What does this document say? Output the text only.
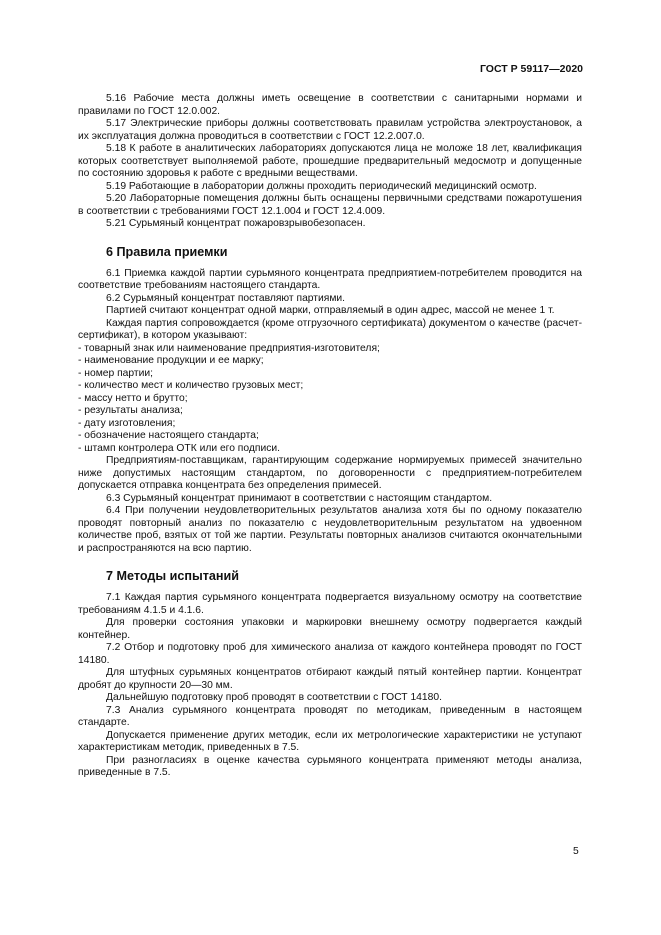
ГОСТ Р 59117—2020

5.16 Рабочие места должны иметь освещение в соответствии с санитарными нормами и правилами по ГОСТ 12.0.002.

5.17 Электрические приборы должны соответствовать правилам устройства электроустановок, а их эксплуатация должна проводиться в соответствии с ГОСТ 12.2.007.0.

5.18 К работе в аналитических лабораториях допускаются лица не моложе 18 лет, квалификация которых соответствует выполняемой работе, прошедшие предварительный медосмотр и допущенные по состоянию здоровья к работе с вредными веществами.

5.19 Работающие в лаборатории должны проходить периодический медицинский осмотр.

5.20 Лабораторные помещения должны быть оснащены первичными средствами пожаротушения в соответствии с требованиями ГОСТ 12.1.004 и ГОСТ 12.4.009.

5.21 Сурьмяный концентрат пожаровзрывобезопасен.

6 Правила приемки

6.1 Приемка каждой партии сурьмяного концентрата предприятием-потребителем проводится на соответствие требованиям настоящего стандарта.

6.2 Сурьмяный концентрат поставляют партиями.

Партией считают концентрат одной марки, отправляемый в один адрес, массой не менее 1 т.

Каждая партия сопровождается (кроме отгрузочного сертификата) документом о качестве (расчет-сертификат), в котором указывают:

- товарный знак или наименование предприятия-изготовителя;

- наименование продукции и ее марку;

- номер партии;

- количество мест и количество грузовых мест;

- массу нетто и брутто;

- результаты анализа;

- дату изготовления;

- обозначение настоящего стандарта;

- штамп контролера ОТК или его подписи.

Предприятиям-поставщикам, гарантирующим содержание нормируемых примесей значительно ниже допустимых настоящим стандартом, по договоренности с предприятием-потребителем допускается отправка концентрата без определения примесей.

6.3 Сурьмяный концентрат принимают в соответствии с настоящим стандартом.

6.4 При получении неудовлетворительных результатов анализа хотя бы по одному показателю проводят повторный анализ по показателю с неудовлетворительным результатом на удвоенном количестве проб, взятых от той же партии. Результаты повторных анализов считаются окончательными и распространяются на всю партию.

7 Методы испытаний

7.1 Каждая партия сурьмяного концентрата подвергается визуальному осмотру на соответствие требованиям 4.1.5 и 4.1.6.

Для проверки состояния упаковки и маркировки внешнему осмотру подвергается каждый контейнер.

7.2 Отбор и подготовку проб для химического анализа от каждого контейнера проводят по ГОСТ 14180.

Для штуфных сурьмяных концентратов отбирают каждый пятый контейнер партии. Концентрат дробят до крупности 20—30 мм.

Дальнейшую подготовку проб проводят в соответствии с ГОСТ 14180.

7.3 Анализ сурьмяного концентрата проводят по методикам, приведенным в настоящем стандарте.

Допускается применение других методик, если их метрологические характеристики не уступают характеристикам методик, приведенных в 7.5.

При разногласиях в оценке качества сурьмяного концентрата применяют методы анализа, приведенные в 7.5.

5
